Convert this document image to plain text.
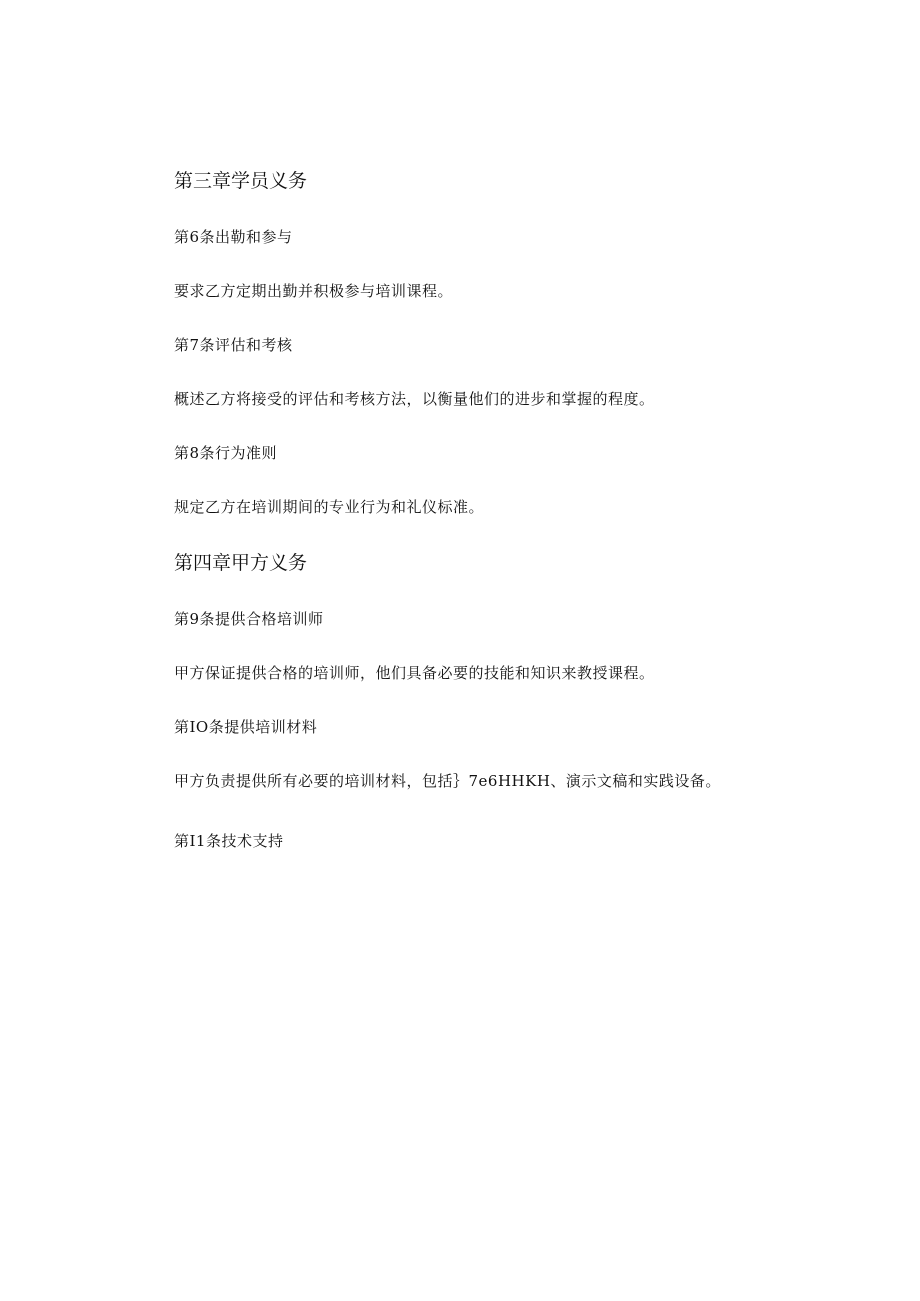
第三章学员义务
第6条出勒和参与
要求乙方定期出勤并积极参与培训课程。
第7条评估和考核
概述乙方将接受的评估和考核方法，以衡量他们的进步和掌握的程度。
第8条行为准则
规定乙方在培训期间的专业行为和礼仪标准。
第四章甲方义务
第9条提供合格培训师
甲方保证提供合格的培训师，他们具备必要的技能和知识来教授课程。
第IO条提供培训材料
甲方负责提供所有必要的培训材料，包括｝7e6HHKH、演示文稿和实践设备。
第I1条技术支持
